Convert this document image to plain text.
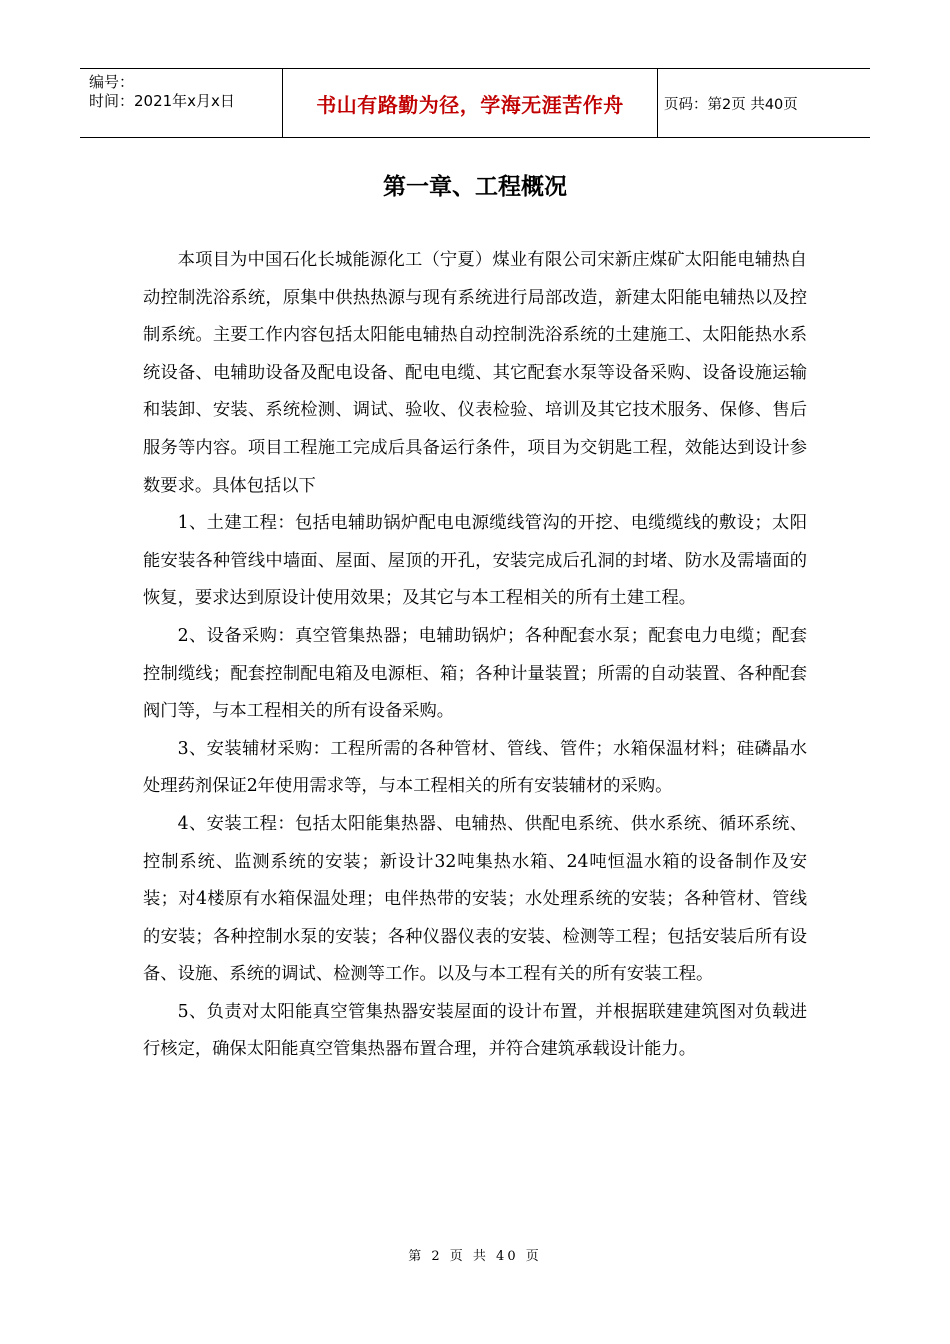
编号：
时间：2021年x月x日	书山有路勤为径，学海无涯苦作舟	页码：第2页 共40页
第一章、工程概况

本项目为中国石化长城能源化工（宁夏）煤业有限公司宋新庄煤矿太阳能电辅热自动控制洗浴系统，原集中供热热源与现有系统进行局部改造，新建太阳能电辅热以及控制系统。主要工作内容包括太阳能电辅热自动控制洗浴系统的土建施工、太阳能热水系统设备、电辅助设备及配电设备、配电电缆、其它配套水泵等设备采购、设备设施运输和装卸、安装、系统检测、调试、验收、仪表检验、培训及其它技术服务、保修、售后服务等内容。项目工程施工完成后具备运行条件，项目为交钥匙工程，效能达到设计参数要求。具体包括以下

1、土建工程：包括电辅助锅炉配电电源缆线管沟的开挖、电缆缆线的敷设；太阳能安装各种管线中墙面、屋面、屋顶的开孔，安装完成后孔洞的封堵、防水及需墙面的恢复，要求达到原设计使用效果；及其它与本工程相关的所有土建工程。

2、设备采购：真空管集热器；电辅助锅炉；各种配套水泵；配套电力电缆；配套控制缆线；配套控制配电箱及电源柜、箱；各种计量装置；所需的自动装置、各种配套阀门等，与本工程相关的所有设备采购。

3、安装辅材采购：工程所需的各种管材、管线、管件；水箱保温材料；硅磷晶水处理药剂保证2年使用需求等，与本工程相关的所有安装辅材的采购。

4、安装工程：包括太阳能集热器、电辅热、供配电系统、供水系统、循环系统、控制系统、监测系统的安装；新设计32吨集热水箱、24吨恒温水箱的设备制作及安装；对4楼原有水箱保温处理；电伴热带的安装；水处理系统的安装；各种管材、管线的安装；各种控制水泵的安装；各种仪器仪表的安装、检测等工程；包括安装后所有设备、设施、系统的调试、检测等工作。以及与本工程有关的所有安装工程。

5、负责对太阳能真空管集热器安装屋面的设计布置，并根据联建建筑图对负载进行核定，确保太阳能真空管集热器布置合理，并符合建筑承载设计能力。

第 2 页 共 40 页
